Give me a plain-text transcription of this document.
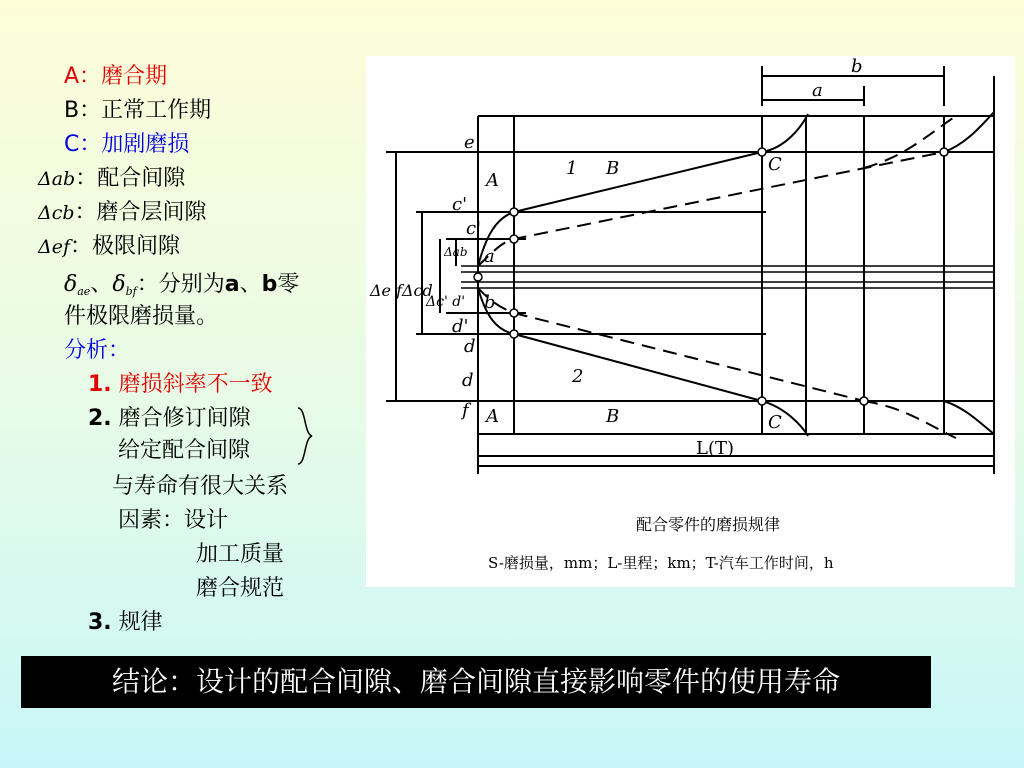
A：磨合期
B：正常工作期
C：加剧磨损
Δab：配合间隙
Δcb：磨合层间隙
Δef：极限间隙
$\delta_{ae}$、$\delta_{bf}$：分别为a、b零
件极限磨损量。
分析：
1. 磨损斜率不一致
2. 磨合修订间隙
给定配合间隙
与寿命有很大关系
因素：设计
加工质量
磨合规范
3. 规律
b
a
A
B	C
A	B	C
1
2
e
c'
c'
d'
d'
d
f
b
a
Δe f Δcd
Δc' d'
Δab
L(T)
配合零件的磨损规律
S-磨损量，mm；L-里程；km；T-汽车工作时间，h
结论：设计的配合间隙、磨合间隙直接影响零件的使用寿命
